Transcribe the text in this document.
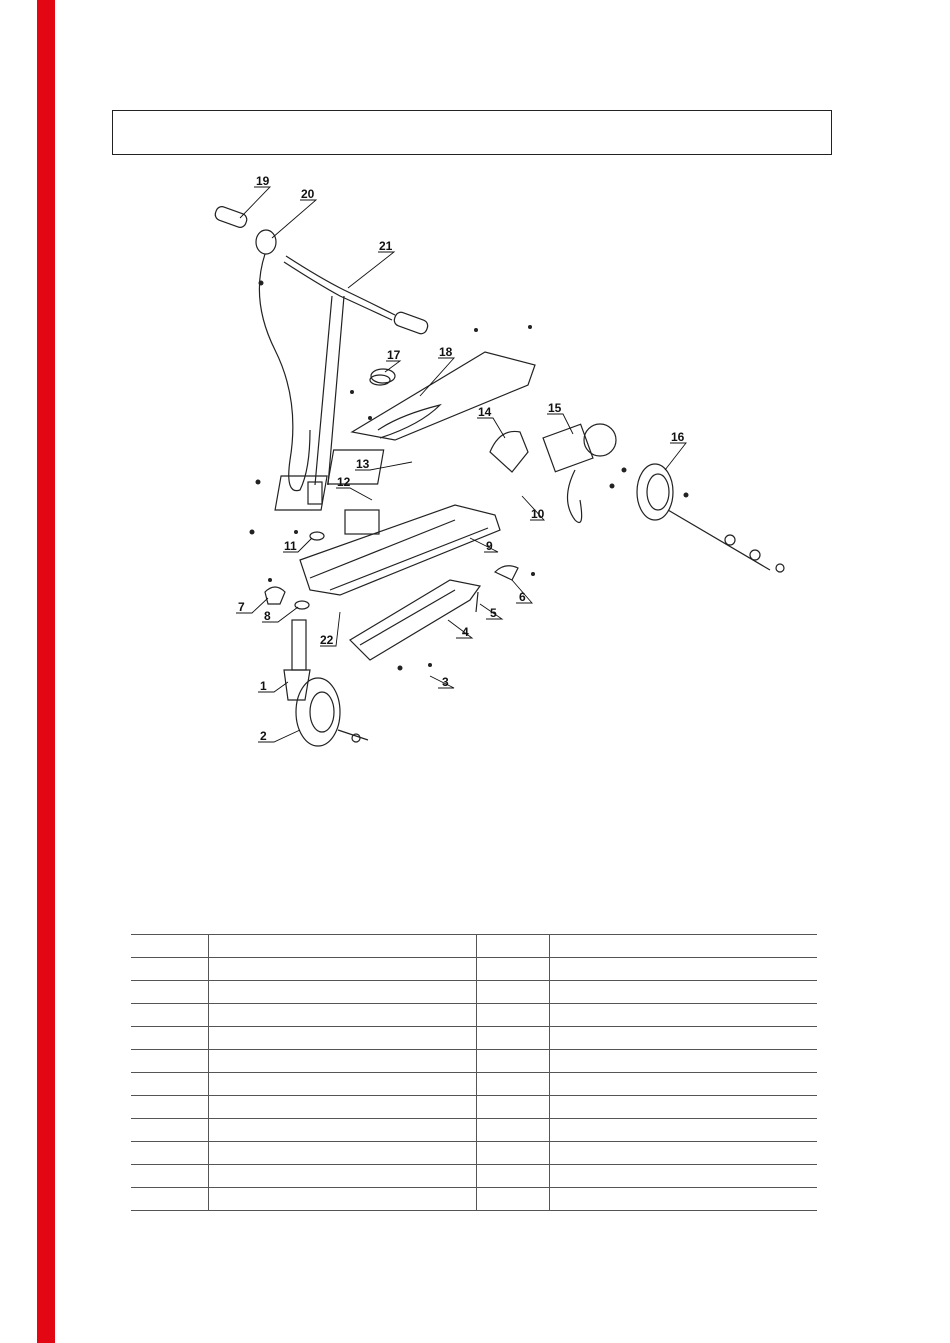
19
20
21
17	18
14	15
16
13
12
10
9
11
7
8
22
6
5
4
1	3
2
